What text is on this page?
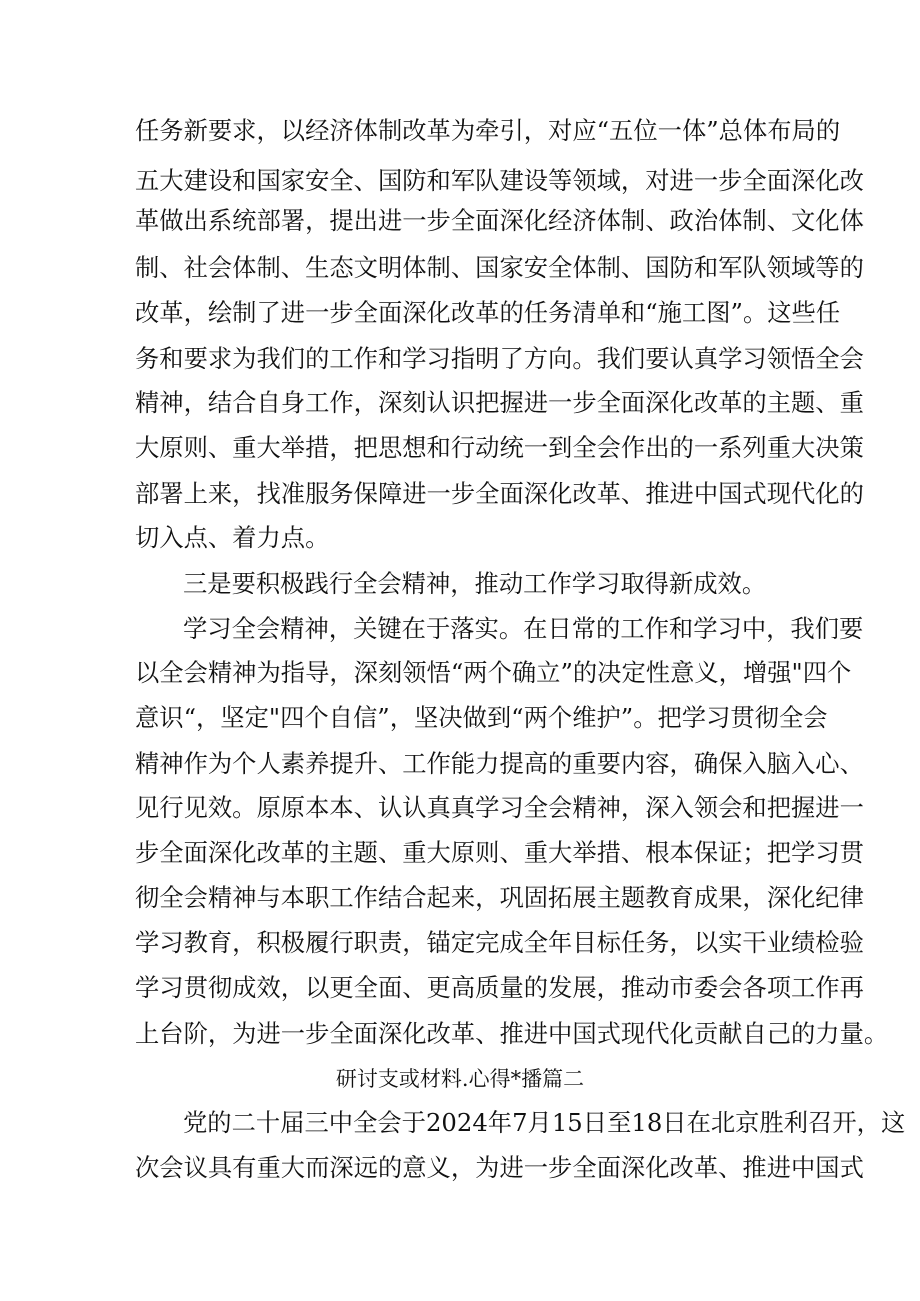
任务新要求，以经济体制改革为牵引，对应“五位一体”总体布局的
五大建设和国家安全、国防和军队建设等领域，对进一步全面深化改
革做出系统部署，提出进一步全面深化经济体制、政治体制、文化体
制、社会体制、生态文明体制、国家安全体制、国防和军队领域等的
改革，绘制了进一步全面深化改革的任务清单和“施工图”。这些任
务和要求为我们的工作和学习指明了方向。我们要认真学习领悟全会
精神，结合自身工作，深刻认识把握进一步全面深化改革的主题、重
大原则、重大举措，把思想和行动统一到全会作出的一系列重大决策
部署上来，找准服务保障进一步全面深化改革、推进中国式现代化的
切入点、着力点。
三是要积极践行全会精神，推动工作学习取得新成效。
学习全会精神，关键在于落实。在日常的工作和学习中，我们要
以全会精神为指导，深刻领悟“两个确立”的决定性意义，增强"四个
意识“，坚定"四个自信”，坚决做到“两个维护”。把学习贯彻全会
精神作为个人素养提升、工作能力提高的重要内容，确保入脑入心、
见行见效。原原本本、认认真真学习全会精神，深入领会和把握进一
步全面深化改革的主题、重大原则、重大举措、根本保证；把学习贯
彻全会精神与本职工作结合起来，巩固拓展主题教育成果，深化纪律
学习教育，积极履行职责，锚定完成全年目标任务，以实干业绩检验
学习贯彻成效，以更全面、更高质量的发展，推动市委会各项工作再
上台阶，为进一步全面深化改革、推进中国式现代化贡献自己的力量。
研讨支或材料.心得*播篇二
党的二十届三中全会于2024年7月15日至18日在北京胜利召开，这
次会议具有重大而深远的意义，为进一步全面深化改革、推进中国式
